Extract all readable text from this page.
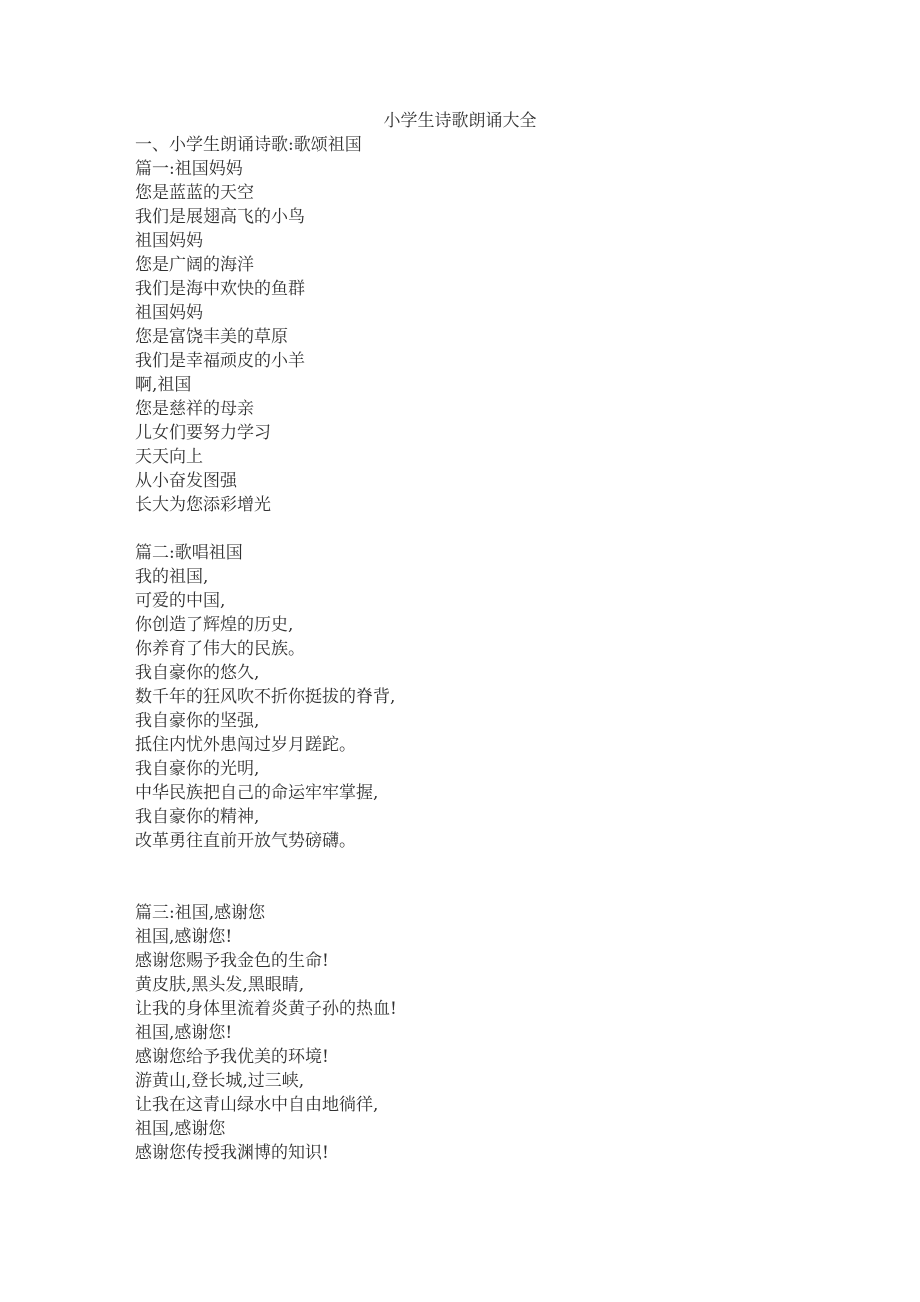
小学生诗歌朗诵大全
一、小学生朗诵诗歌:歌颂祖国
篇一:祖国妈妈
您是蓝蓝的天空
我们是展翅高飞的小鸟
祖国妈妈
您是广阔的海洋
我们是海中欢快的鱼群
祖国妈妈
您是富饶丰美的草原
我们是幸福顽皮的小羊
啊,祖国
您是慈祥的母亲
儿女们要努力学习
天天向上
从小奋发图强
长大为您添彩增光
篇二:歌唱祖国
我的祖国,
可爱的中国,
你创造了辉煌的历史,
你养育了伟大的民族。
我自豪你的悠久,
数千年的狂风吹不折你挺拔的脊背,
我自豪你的坚强,
抵住内忧外患闯过岁月蹉跎。
我自豪你的光明,
中华民族把自己的命运牢牢掌握,
我自豪你的精神,
改革勇往直前开放气势磅礴。
篇三:祖国,感谢您
祖国,感谢您!
感谢您赐予我金色的生命!
黄皮肤,黑头发,黑眼睛,
让我的身体里流着炎黄子孙的热血!
祖国,感谢您!
感谢您给予我优美的环境!
游黄山,登长城,过三峡,
让我在这青山绿水中自由地徜徉,
祖国,感谢您
感谢您传授我渊博的知识!
